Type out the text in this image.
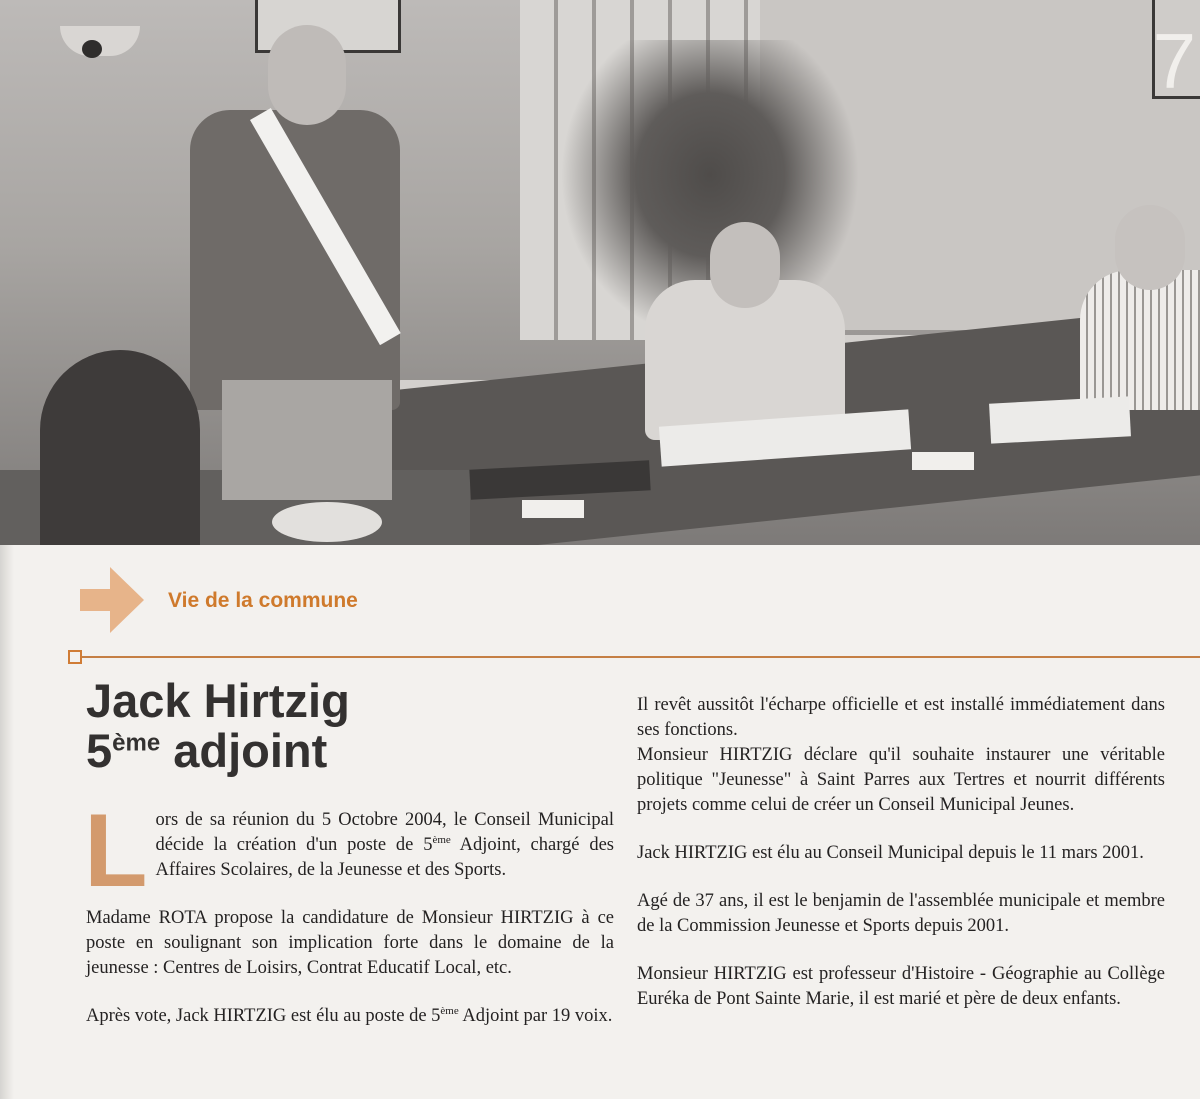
7
Vie de la commune
Jack Hirtzig
5ème adjoint

Lors de sa réunion du 5 Octobre 2004, le Conseil Municipal décide la création d'un poste de 5ème Adjoint, chargé des Affaires Scolaires, de la Jeunesse et des Sports.

Madame ROTA propose la candidature de Monsieur HIRTZIG à ce poste en soulignant son implication forte dans le domaine de la jeunesse : Centres de Loisirs, Contrat Educatif Local, etc.

Après vote, Jack HIRTZIG est élu au poste de 5ème Adjoint par 19 voix.

Il revêt aussitôt l'écharpe officielle et est installé immédiatement dans ses fonctions.

Monsieur HIRTZIG déclare qu'il souhaite instaurer une véritable politique "Jeunesse" à Saint Parres aux Tertres et nourrit différents projets comme celui de créer un Conseil Municipal Jeunes.

Jack HIRTZIG est élu au Conseil Municipal depuis le 11 mars 2001.

Agé de 37 ans, il est le benjamin de l'assemblée municipale et membre de la Commission Jeunesse et Sports depuis 2001.

Monsieur HIRTZIG est professeur d'Histoire - Géographie au Collège Euréka de Pont Sainte Marie, il est marié et père de deux enfants.
